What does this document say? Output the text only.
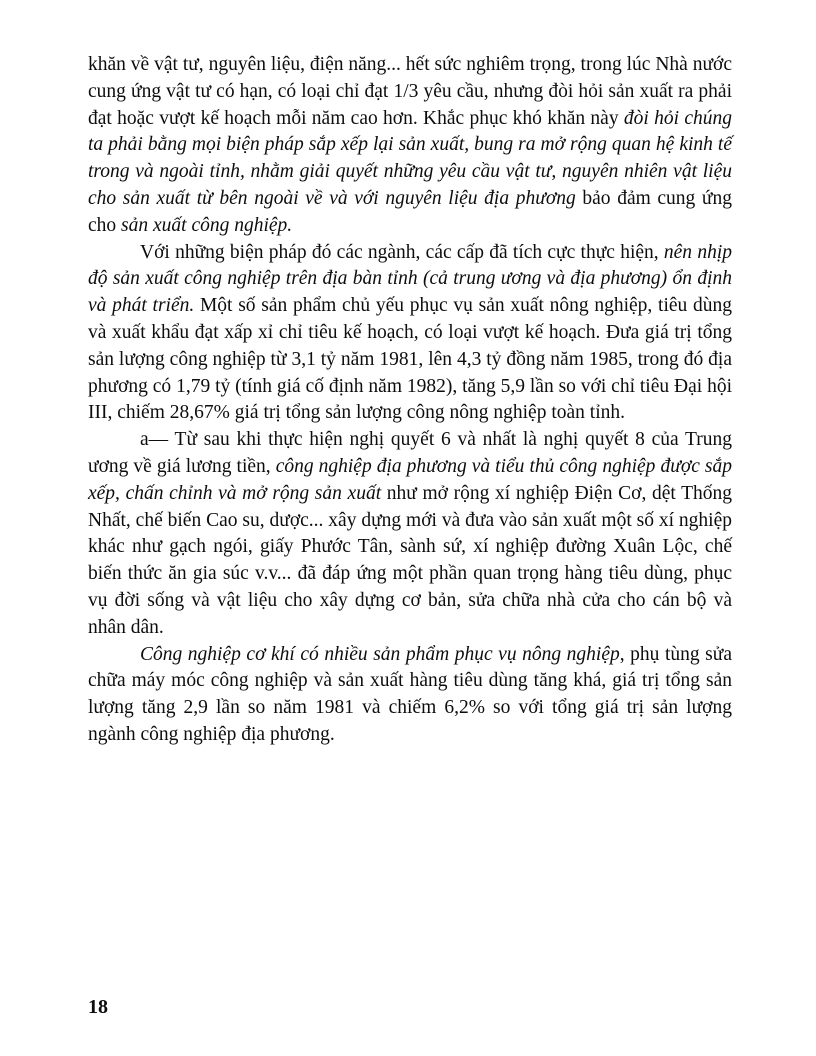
khăn về vật tư, nguyên liệu, điện năng... hết sức nghiêm trọng, trong lúc Nhà nước cung ứng vật tư có hạn, có loại chỉ đạt 1/3 yêu cầu, nhưng đòi hỏi sản xuất ra phải đạt hoặc vượt kế hoạch mỗi năm cao hơn. Khắc phục khó khăn này đòi hỏi chúng ta phải bằng mọi biện pháp sắp xếp lại sản xuất, bung ra mở rộng quan hệ kinh tế trong và ngoài tỉnh, nhằm giải quyết những yêu cầu vật tư, nguyên nhiên vật liệu cho sản xuất từ bên ngoài về và với nguyên liệu địa phương bảo đảm cung ứng cho sản xuất công nghiệp.

Với những biện pháp đó các ngành, các cấp đã tích cực thực hiện, nên nhịp độ sản xuất công nghiệp trên địa bàn tỉnh (cả trung ương và địa phương) ổn định và phát triển. Một số sản phẩm chủ yếu phục vụ sản xuất nông nghiệp, tiêu dùng và xuất khẩu đạt xấp xỉ chỉ tiêu kế hoạch, có loại vượt kế hoạch. Đưa giá trị tổng sản lượng công nghiệp từ 3,1 tỷ năm 1981, lên 4,3 tỷ đồng năm 1985, trong đó địa phương có 1,79 tỷ (tính giá cố định năm 1982), tăng 5,9 lần so với chỉ tiêu Đại hội III, chiếm 28,67% giá trị tổng sản lượng công nông nghiệp toàn tỉnh.

a— Từ sau khi thực hiện nghị quyết 6 và nhất là nghị quyết 8 của Trung ương về giá lương tiền, công nghiệp địa phương và tiểu thủ công nghiệp được sắp xếp, chấn chỉnh và mở rộng sản xuất như mở rộng xí nghiệp Điện Cơ, dệt Thống Nhất, chế biến Cao su, dược... xây dựng mới và đưa vào sản xuất một số xí nghiệp khác như gạch ngói, giấy Phước Tân, sành sứ, xí nghiệp đường Xuân Lộc, chế biến thức ăn gia súc v.v... đã đáp ứng một phần quan trọng hàng tiêu dùng, phục vụ đời sống và vật liệu cho xây dựng cơ bản, sửa chữa nhà cửa cho cán bộ và nhân dân.

Công nghiệp cơ khí có nhiều sản phẩm phục vụ nông nghiệp, phụ tùng sửa chữa máy móc công nghiệp và sản xuất hàng tiêu dùng tăng khá, giá trị tổng sản lượng tăng 2,9 lần so năm 1981 và chiếm 6,2% so với tổng giá trị sản lượng ngành công nghiệp địa phương.

18
